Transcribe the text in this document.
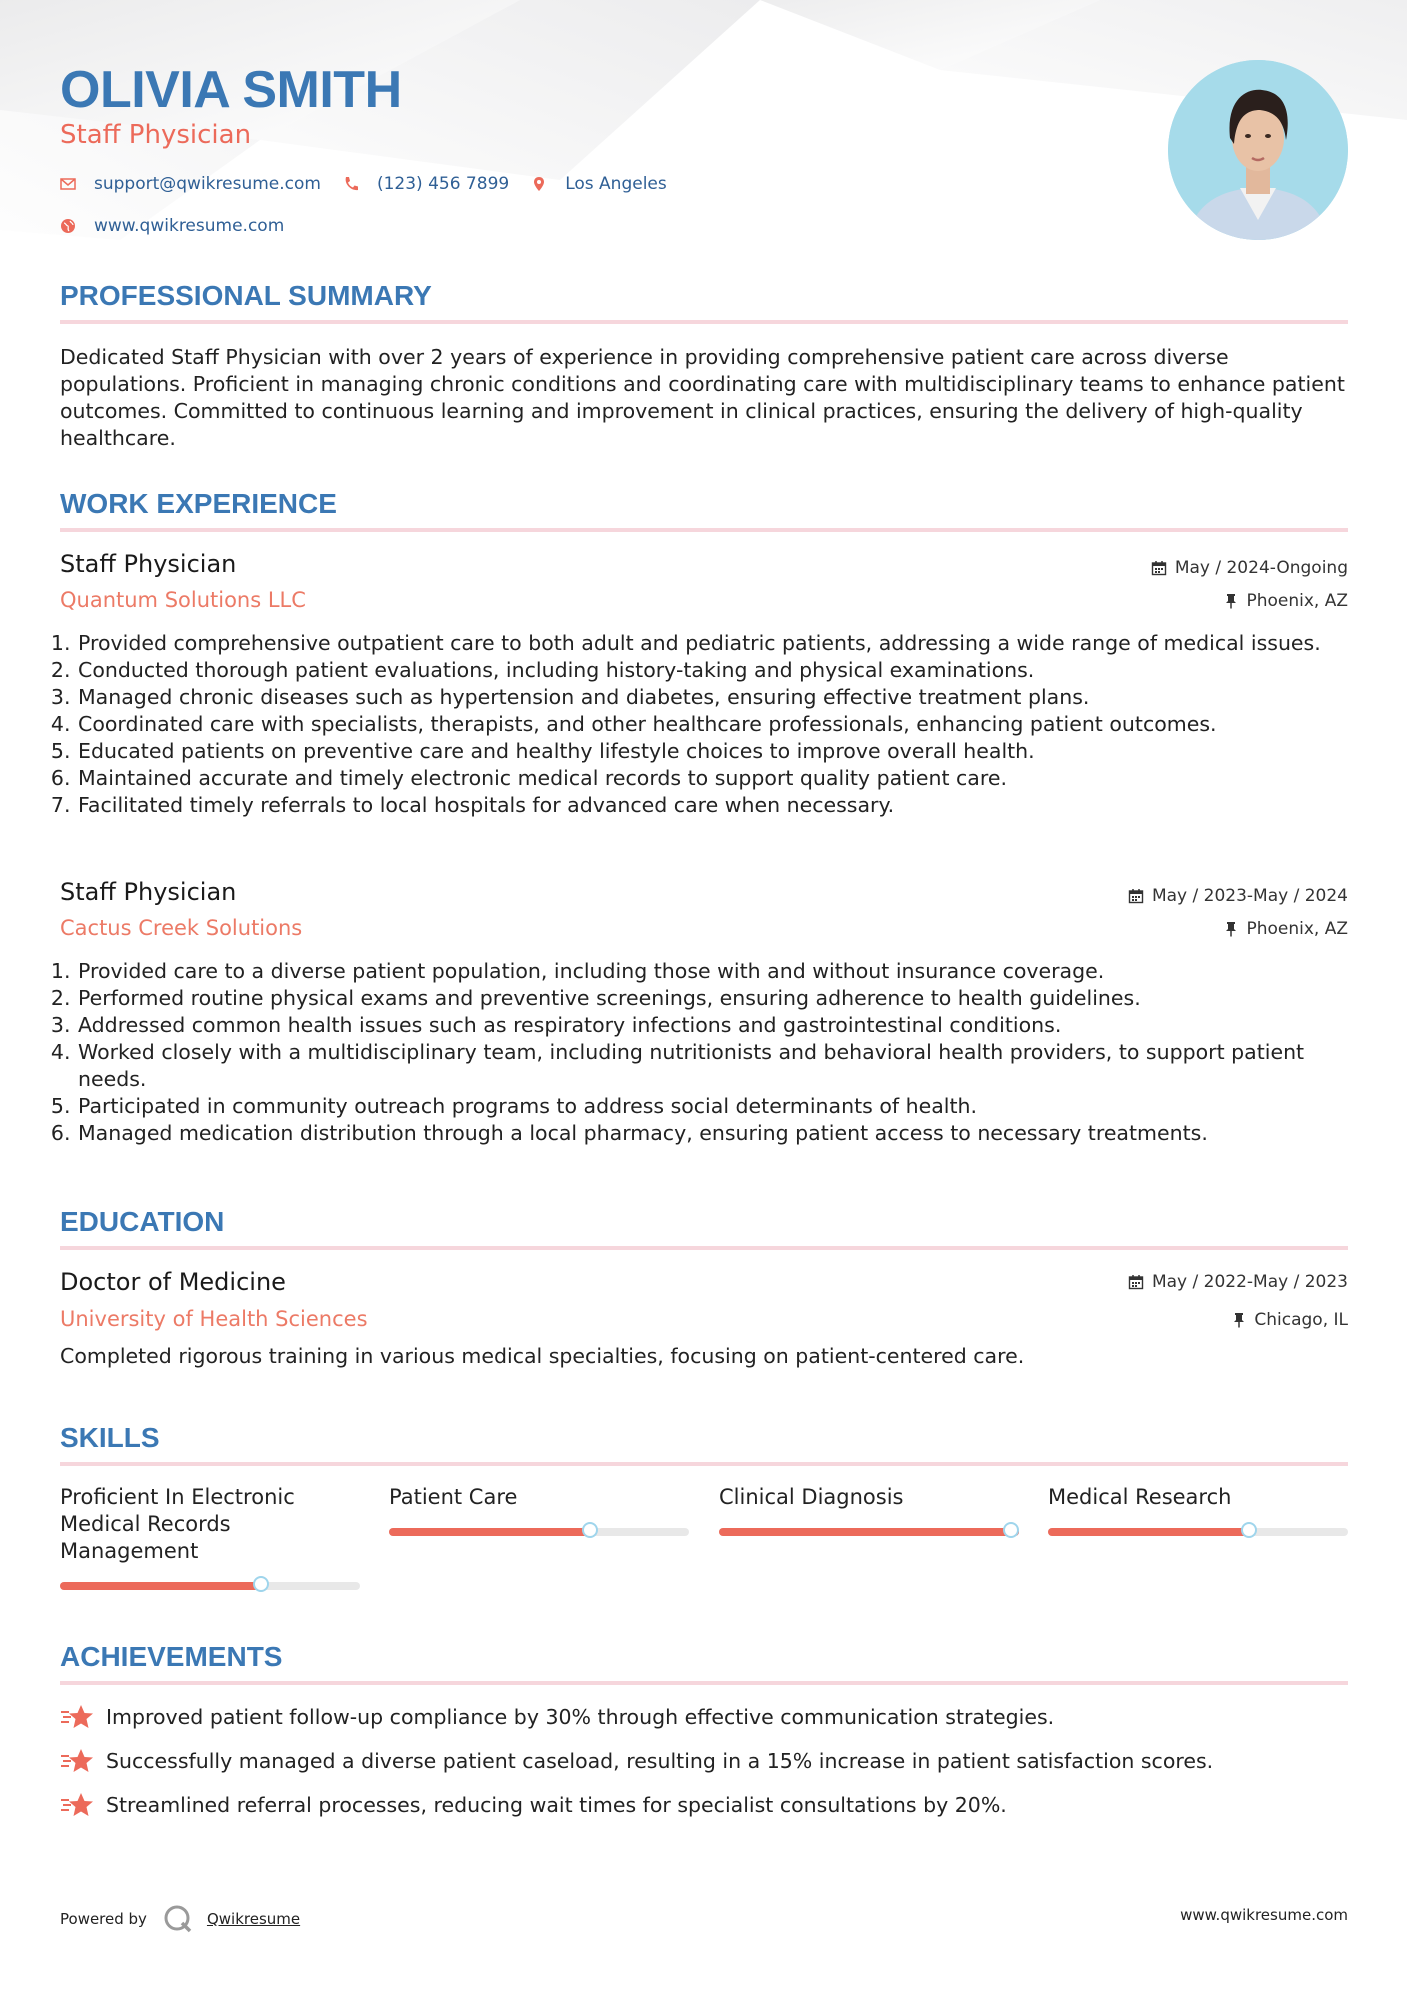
OLIVIA SMITH
Staff Physician
support@qwikresume.com	(123) 456 7899	Los Angeles
www.qwikresume.com
PROFESSIONAL SUMMARY
Dedicated Staff Physician with over 2 years of experience in providing comprehensive patient care across diverse populations. Proficient in managing chronic conditions and coordinating care with multidisciplinary teams to enhance patient outcomes. Committed to continuous learning and improvement in clinical practices, ensuring the delivery of high-quality healthcare.
WORK EXPERIENCE
Staff Physician
Quantum Solutions LLC
May / 2024-Ongoing
Phoenix, AZ
1. Provided comprehensive outpatient care to both adult and pediatric patients, addressing a wide range of medical issues.
2. Conducted thorough patient evaluations, including history-taking and physical examinations.
3. Managed chronic diseases such as hypertension and diabetes, ensuring effective treatment plans.
4. Coordinated care with specialists, therapists, and other healthcare professionals, enhancing patient outcomes.
5. Educated patients on preventive care and healthy lifestyle choices to improve overall health.
6. Maintained accurate and timely electronic medical records to support quality patient care.
7. Facilitated timely referrals to local hospitals for advanced care when necessary.
Staff Physician
Cactus Creek Solutions
May / 2023-May / 2024
Phoenix, AZ
1. Provided care to a diverse patient population, including those with and without insurance coverage.
2. Performed routine physical exams and preventive screenings, ensuring adherence to health guidelines.
3. Addressed common health issues such as respiratory infections and gastrointestinal conditions.
4. Worked closely with a multidisciplinary team, including nutritionists and behavioral health providers, to support patient needs.
5. Participated in community outreach programs to address social determinants of health.
6. Managed medication distribution through a local pharmacy, ensuring patient access to necessary treatments.
EDUCATION
Doctor of Medicine
University of Health Sciences
May / 2022-May / 2023
Chicago, IL
Completed rigorous training in various medical specialties, focusing on patient-centered care.
SKILLS
Proficient In Electronic Medical Records Management
Patient Care	Clinical Diagnosis	Medical Research
ACHIEVEMENTS
Improved patient follow-up compliance by 30% through effective communication strategies.
Successfully managed a diverse patient caseload, resulting in a 15% increase in patient satisfaction scores.
Streamlined referral processes, reducing wait times for specialist consultations by 20%.
Powered by	Qwikresume	www.qwikresume.com
